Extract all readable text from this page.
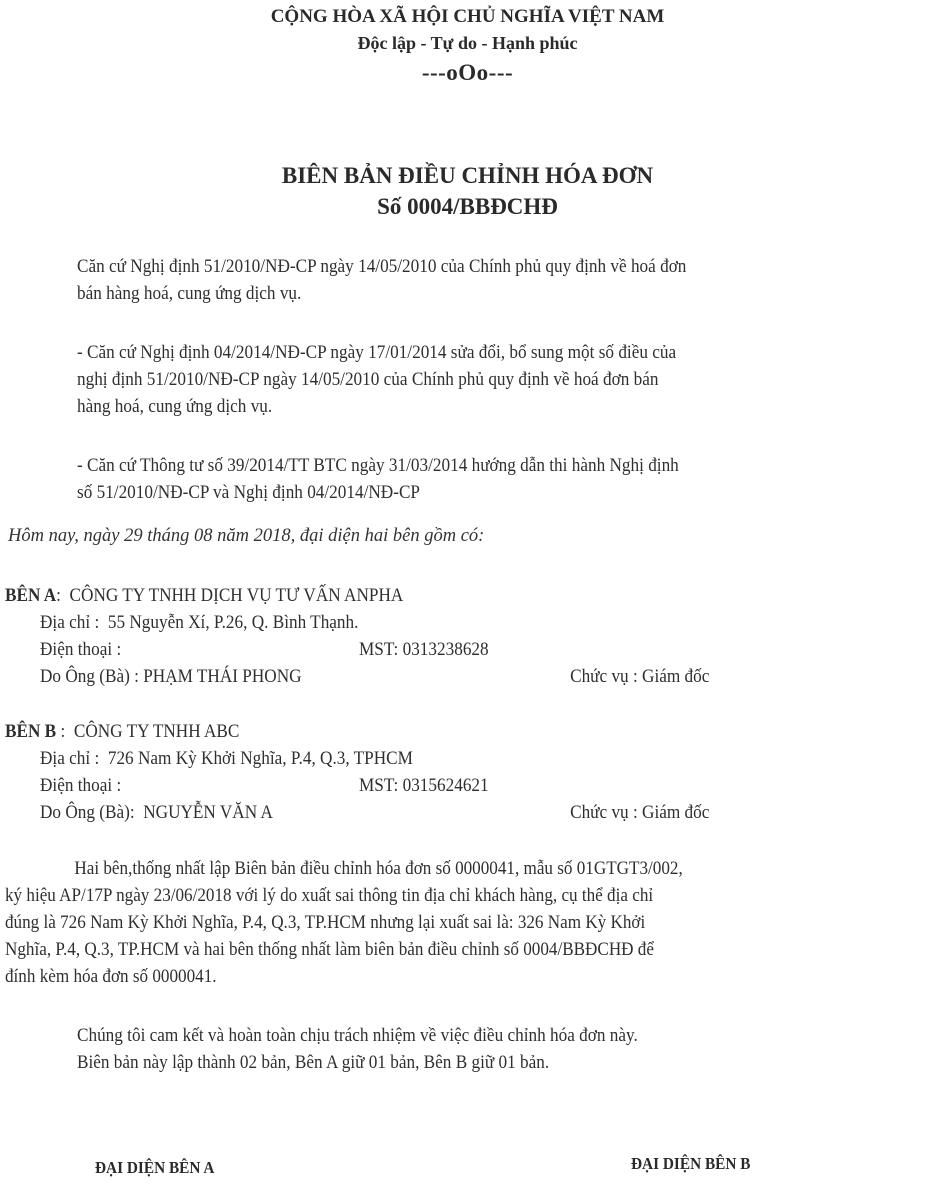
CỘNG HÒA XÃ HỘI CHỦ NGHĨA VIỆT NAM
Độc lập - Tự do - Hạnh phúc
---oOo---
BIÊN BẢN ĐIỀU CHỈNH HÓA ĐƠN
Số 0004/BBĐCHĐ
Căn cứ Nghị định 51/2010/NĐ-CP ngày 14/05/2010 của Chính phủ quy định về hoá đơn
bán hàng hoá, cung ứng dịch vụ.
- Căn cứ Nghị định 04/2014/NĐ-CP ngày 17/01/2014 sửa đổi, bổ sung một số điều của
nghị định 51/2010/NĐ-CP ngày 14/05/2010 của Chính phủ quy định về hoá đơn bán
hàng hoá, cung ứng dịch vụ.
- Căn cứ Thông tư số 39/2014/TT BTC ngày 31/03/2014 hướng dẫn thi hành Nghị định
số 51/2010/NĐ-CP và Nghị định 04/2014/NĐ-CP
Hôm nay, ngày 29 tháng 08 năm 2018, đại diện hai bên gồm có:
BÊN A: CÔNG TY TNHH DỊCH VỤ TƯ VẤN ANPHA
Địa chỉ : 55 Nguyễn Xí, P.26, Q. Bình Thạnh.
Điện thoại :	MST: 0313238628
Do Ông (Bà) : PHẠM THÁI PHONG	Chức vụ : Giám đốc
BÊN B : CÔNG TY TNHH ABC
Địa chỉ : 726 Nam Kỳ Khởi Nghĩa, P.4, Q.3, TPHCM
Điện thoại :	MST: 0315624621
Do Ông (Bà): NGUYỄN VĂN A	Chức vụ : Giám đốc
Hai bên,thống nhất lập Biên bản điều chỉnh hóa đơn số 0000041, mẫu số 01GTGT3/002,
ký hiệu AP/17P ngày 23/06/2018 với lý do xuất sai thông tin địa chỉ khách hàng, cụ thể địa chỉ
đúng là 726 Nam Kỳ Khởi Nghĩa, P.4, Q.3, TP.HCM nhưng lại xuất sai là: 326 Nam Kỳ Khởi
Nghĩa, P.4, Q.3, TP.HCM và hai bên thống nhất làm biên bản điều chỉnh số 0004/BBĐCHĐ để
đính kèm hóa đơn số 0000041.
Chúng tôi cam kết và hoàn toàn chịu trách nhiệm về việc điều chỉnh hóa đơn này.
Biên bản này lập thành 02 bản, Bên A giữ 01 bản, Bên B giữ 01 bản.
ĐẠI DIỆN BÊN A	ĐẠI DIỆN BÊN B
